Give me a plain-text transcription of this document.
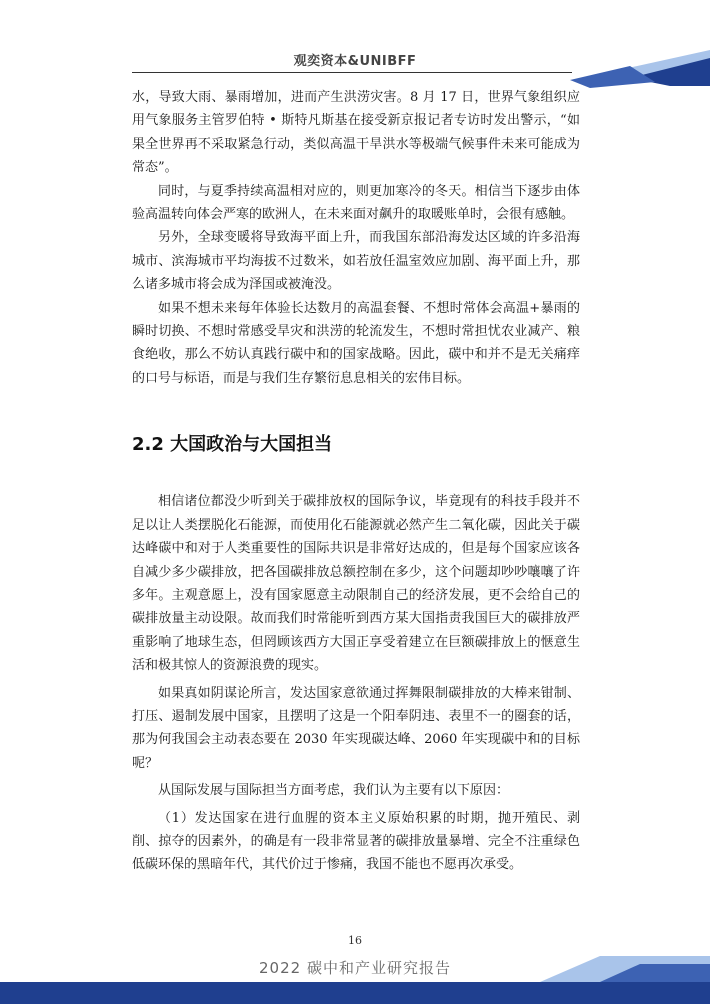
观奕资本&UNIBFF

水，导致大雨、暴雨增加，进而产生洪涝灾害。8 月 17 日，世界气象组织应用气象服务主管罗伯特 • 斯特凡斯基在接受新京报记者专访时发出警示，“如果全世界再不采取紧急行动，类似高温干旱洪水等极端气候事件未来可能成为常态”。

同时，与夏季持续高温相对应的，则更加寒冷的冬天。相信当下逐步由体验高温转向体会严寒的欧洲人，在未来面对飙升的取暖账单时，会很有感触。

另外，全球变暖将导致海平面上升，而我国东部沿海发达区域的许多沿海城市、滨海城市平均海拔不过数米，如若放任温室效应加剧、海平面上升，那么诸多城市将会成为泽国或被淹没。

如果不想未来每年体验长达数月的高温套餐、不想时常体会高温+暴雨的瞬时切换、不想时常感受旱灾和洪涝的轮流发生，不想时常担忧农业减产、粮食绝收，那么不妨认真践行碳中和的国家战略。因此，碳中和并不是无关痛痒的口号与标语，而是与我们生存繁衍息息相关的宏伟目标。

2.2 大国政治与大国担当

相信诸位都没少听到关于碳排放权的国际争议，毕竟现有的科技手段并不足以让人类摆脱化石能源，而使用化石能源就必然产生二氧化碳，因此关于碳达峰碳中和对于人类重要性的国际共识是非常好达成的，但是每个国家应该各自减少多少碳排放，把各国碳排放总额控制在多少，这个问题却吵吵嚷嚷了许多年。主观意愿上，没有国家愿意主动限制自己的经济发展，更不会给自己的碳排放量主动设限。故而我们时常能听到西方某大国指责我国巨大的碳排放严重影响了地球生态，但罔顾该西方大国正享受着建立在巨额碳排放上的惬意生活和极其惊人的资源浪费的现实。

如果真如阴谋论所言，发达国家意欲通过挥舞限制碳排放的大棒来钳制、打压、遏制发展中国家，且摆明了这是一个阳奉阴违、表里不一的圈套的话，那为何我国会主动表态要在 2030 年实现碳达峰、2060 年实现碳中和的目标呢？

从国际发展与国际担当方面考虑，我们认为主要有以下原因：

（1）发达国家在进行血腥的资本主义原始积累的时期，抛开殖民、剥削、掠夺的因素外，的确是有一段非常显著的碳排放量暴增、完全不注重绿色低碳环保的黑暗年代，其代价过于惨痛，我国不能也不愿再次承受。

16
2022 碳中和产业研究报告
